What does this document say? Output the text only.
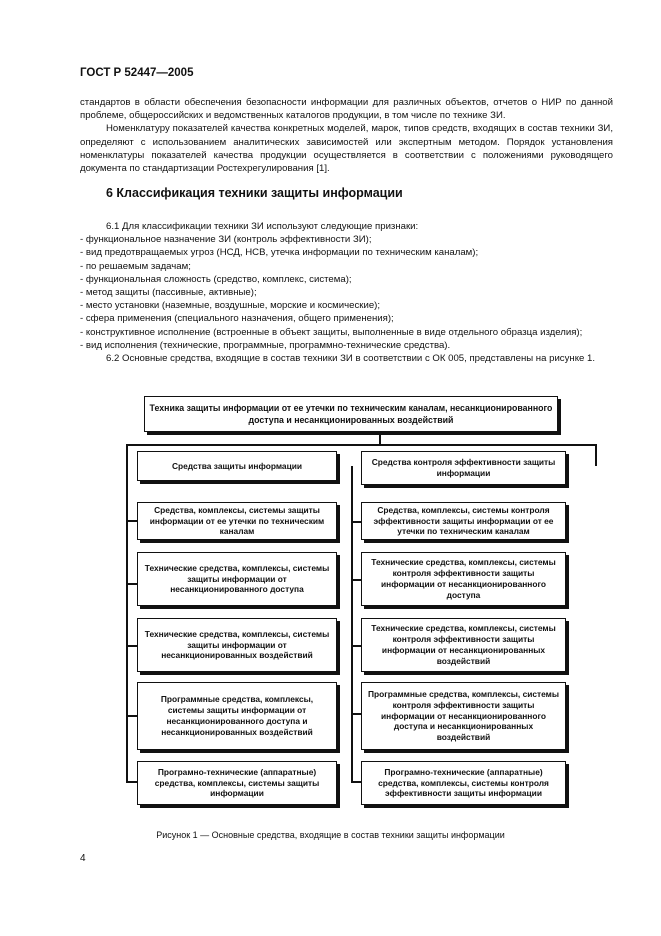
ГОСТ Р 52447—2005

стандартов в области обеспечения безопасности информации для различных объектов, отчетов о НИР по данной проблеме, общероссийских и ведомственных каталогов продукции, в том числе по технике ЗИ.

Номенклатуру показателей качества конкретных моделей, марок, типов средств, входящих в состав техники ЗИ, определяют с использованием аналитических зависимостей или экспертным методом. Порядок установления номенклатуры показателей качества продукции осуществляется в соответствии с положениями руководящего документа по стандартизации Ростехрегулирования [1].

6 Классификация техники защиты информации

6.1 Для классификации техники ЗИ используют следующие признаки:

- функциональное назначение ЗИ (контроль эффективности ЗИ);

- вид предотвращаемых угроз (НСД, НСВ, утечка информации по техническим каналам);

- по решаемым задачам;

- функциональная сложность (средство, комплекс, система);

- метод защиты (пассивные, активные);

- место установки (наземные, воздушные, морские и космические);

- сфера применения (специального назначения, общего применения);

- конструктивное исполнение (встроенные в объект защиты, выполненные в виде отдельного образца изделия);

- вид исполнения (технические, программные, программно-технические средства).

6.2 Основные средства, входящие в состав техники ЗИ в соответствии с ОК 005, представлены на рисунке 1.

Техника защиты информации от ее утечки по техническим каналам, несанкционированного доступа и несанкционированных воздействий
Средства защиты информации	Средства контроля эффективности защиты информации
Средства, комплексы, системы защиты информации от ее утечки по техническим каналам
Технические средства, комплексы, системы защиты информации от несанкционированного доступа
Технические средства, комплексы, системы защиты информации от несанкционированных воздействий
Программные средства, комплексы, системы защиты информации от несанкционированного доступа и несанкционированных воздействий
Програмно-технические (аппаратные) средства, комплексы, системы защиты информации
Средства, комплексы, системы контроля эффективности защиты информации от ее утечки по техническим каналам
Технические средства, комплексы, системы контроля эффективности защиты информации от несанкционированного доступа
Технические средства, комплексы, системы контроля эффективности защиты информации от несанкционированных воздействий
Программные средства, комплексы, системы контроля эффективности защиты информации от несанкционированного доступа и несанкционированных воздействий
Програмно-технические (аппаратные) средства, комплексы, системы контроля эффективности защиты информации
Рисунок 1 — Основные средства, входящие в состав техники защиты информации
4
